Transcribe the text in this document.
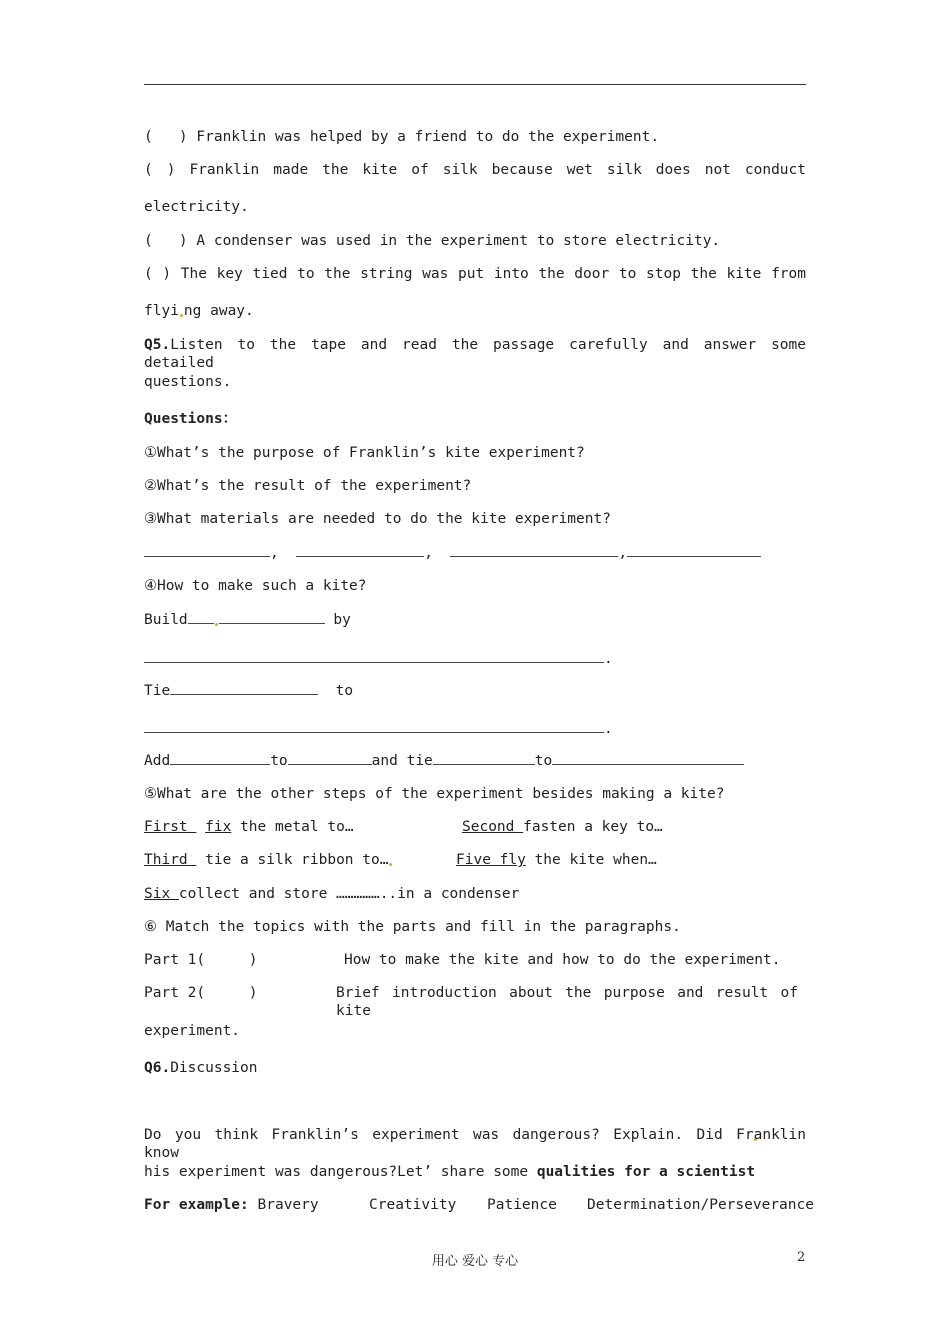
(   ) Franklin was helped by a friend to do the experiment.
( ) Franklin made the kite of silk because wet silk does not conduct
electricity.
(   ) A condenser was used in the experiment to store electricity.
( ) The key tied to the string was put into the door to stop the kite from
flyi ng away.
Q5.Listen to the tape and read the passage carefully and answer some detailed
questions.
Questions：
①What’s the purpose of Franklin’s kite experiment?
②What’s the result of the experiment?
③What materials are needed to do the kite experiment?
,	,	,
④How to make such a kite?
Build	by
.
Tie	to
.
Add	to	and tie	to
⑤What are the other steps of the experiment besides making a kite?
First  fix the metal to…	Second fasten a key to…
Third  tie a silk ribbon to…	Five fly the kite when…
Six collect and store ……………..in a condenser
⑥ Match the topics with the parts and fill in the paragraphs.
Part 1(     )	How to make the kite and how to do the experiment.
Part 2(     )	Brief introduction about the purpose and result of kite
experiment.
Q6.Discussion
Do you think Franklin’s experiment was dangerous? Explain. Did Franklin know
his experiment was dangerous?Let’ share some qualities for a scientist
For example: Bravery	Creativity	Patience	Determination/Perseverance
用心 爱心 专心	2
